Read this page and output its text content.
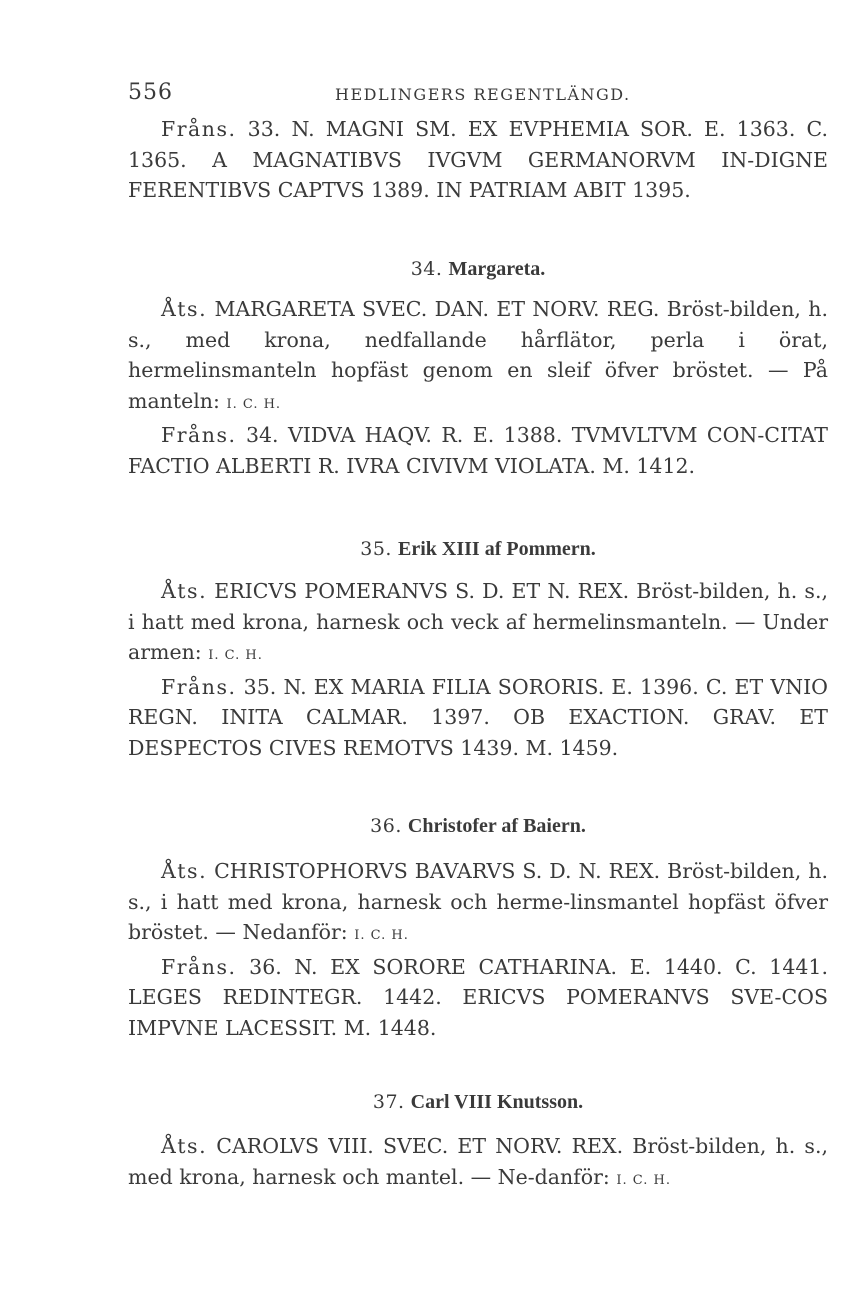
556	HEDLINGERS REGENTLÄNGD.

Fråns. 33. N. MAGNI SM. EX EVPHEMIA SOR. E. 1363. C. 1365. A MAGNATIBVS IVGVM GERMANORVM IN-DIGNE FERENTIBVS CAPTVS 1389. IN PATRIAM ABIT 1395.

34. Margareta.

Åts. MARGARETA SVEC. DAN. ET NORV. REG. Bröst-bilden, h. s., med krona, nedfallande hårflätor, perla i örat, hermelinsmanteln hopfäst genom en sleif öfver bröstet. — På manteln: I. C. H.

Fråns. 34. VIDVA HAQV. R. E. 1388. TVMVLTVM CON-CITAT FACTIO ALBERTI R. IVRA CIVIVM VIOLATA. M. 1412.

35. Erik XIII af Pommern.

Åts. ERICVS POMERANVS S. D. ET N. REX. Bröst-bilden, h. s., i hatt med krona, harnesk och veck af hermelinsmanteln. — Under armen: I. C. H.

Fråns. 35. N. EX MARIA FILIA SORORIS. E. 1396. C. ET VNIO REGN. INITA CALMAR. 1397. OB EXACTION. GRAV. ET DESPECTOS CIVES REMOTVS 1439. M. 1459.

36. Christofer af Baiern.

Åts. CHRISTOPHORVS BAVARVS S. D. N. REX. Bröst-bilden, h. s., i hatt med krona, harnesk och herme-linsmantel hopfäst öfver bröstet. — Nedanför: I. C. H.

Fråns. 36. N. EX SORORE CATHARINA. E. 1440. C. 1441. LEGES REDINTEGR. 1442. ERICVS POMERANVS SVE-COS IMPVNE LACESSIT. M. 1448.

37. Carl VIII Knutsson.

Åts. CAROLVS VIII. SVEC. ET NORV. REX. Bröst-bilden, h. s., med krona, harnesk och mantel. — Ne-danför: I. C. H.
